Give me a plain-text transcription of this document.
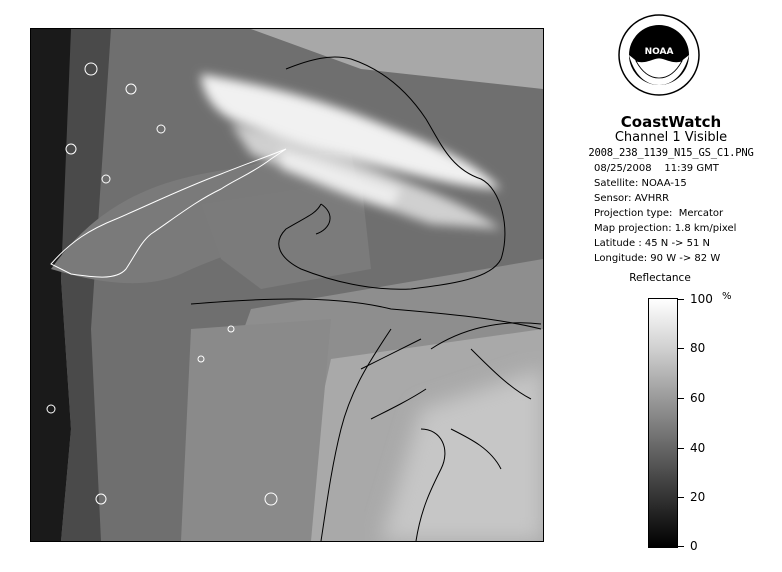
NOAA
CoastWatch
Channel 1 Visible
2008_238_1139_N15_GS_C1.PNG
08/25/2008    11:39 GMT
Satellite: NOAA-15
Sensor: AVHRR
Projection type:  Mercator
Map projection: 1.8 km/pixel
Latitude : 45 N -> 51 N
Longitude: 90 W -> 82 W
Reflectance
%
100
80
60
40
20
0
